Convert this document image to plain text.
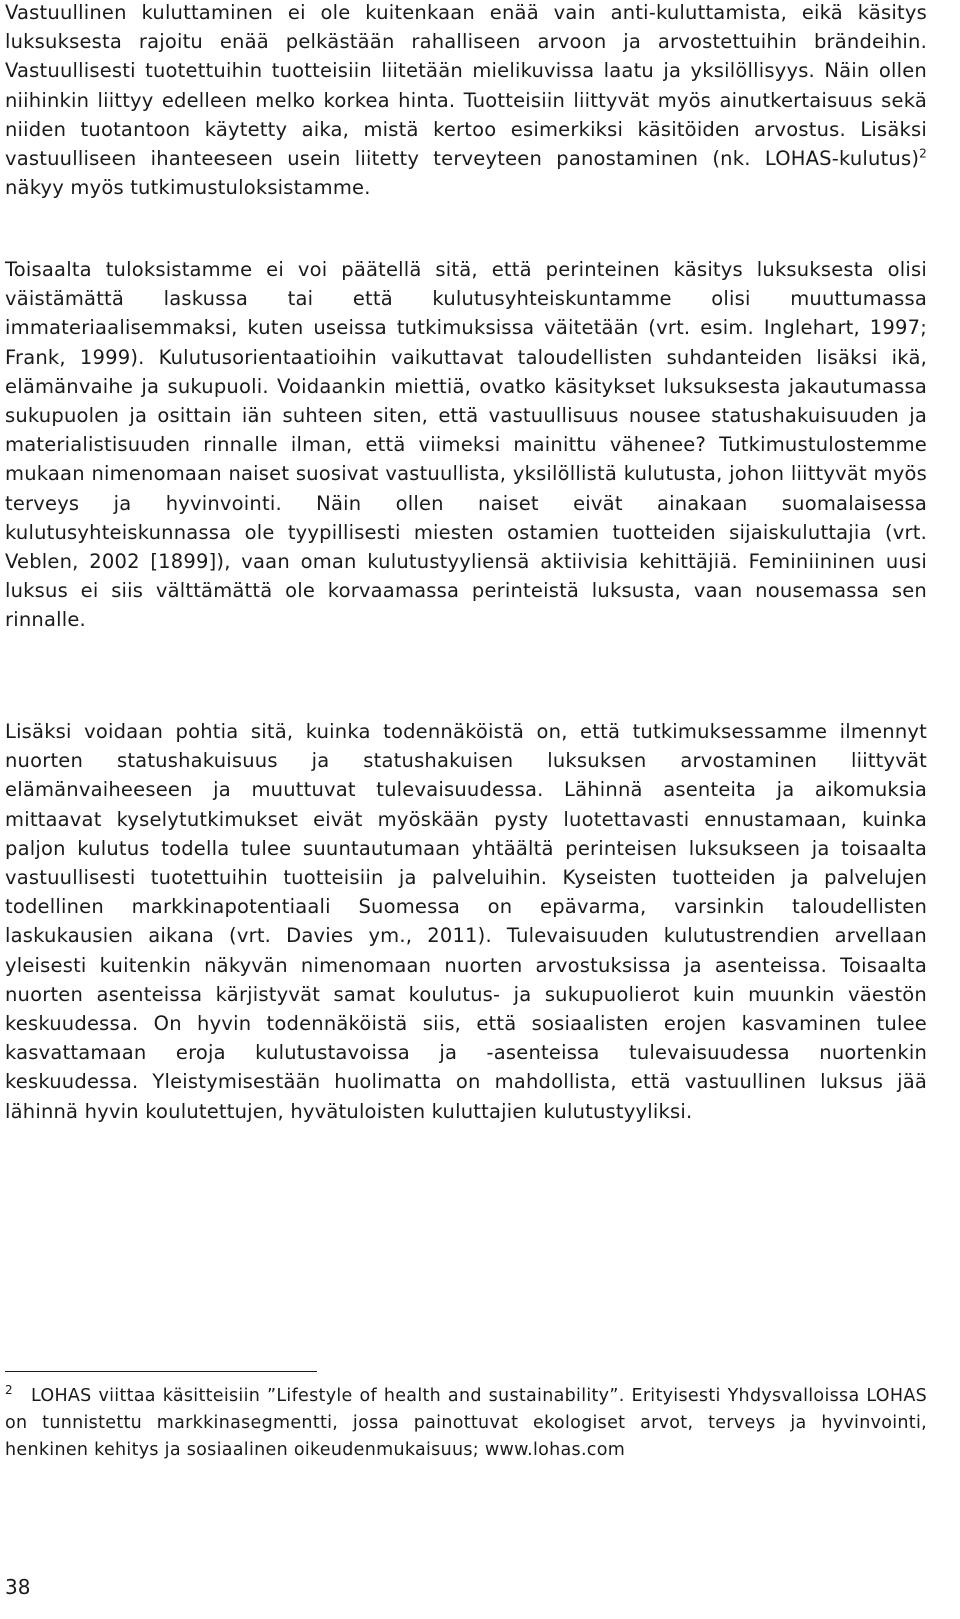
Vastuullinen kuluttaminen ei ole kuitenkaan enää vain anti-kuluttamista, eikä käsitys luksuksesta rajoitu enää pelkästään rahalliseen arvoon ja arvostettuihin brändeihin. Vastuullisesti tuotettuihin tuotteisiin liitetään mielikuvissa laatu ja yksilöllisyys. Näin ollen niihinkin liittyy edelleen melko korkea hinta. Tuotteisiin liittyvät myös ainutkertaisuus sekä niiden tuotantoon käytetty aika, mistä kertoo esimerkiksi käsitöiden arvostus. Lisäksi vastuulliseen ihanteeseen usein liitetty terveyteen panostaminen (nk. LOHAS-kulutus)$^2$ näkyy myös tutkimustuloksistamme.

Toisaalta tuloksistamme ei voi päätellä sitä, että perinteinen käsitys luksuksesta olisi väistämättä laskussa tai että kulutusyhteiskuntamme olisi muuttumassa immateriaalisemmaksi, kuten useissa tutkimuksissa väitetään (vrt. esim. Inglehart, 1997; Frank, 1999). Kulutusorientaatioihin vaikuttavat taloudellisten suhdanteiden lisäksi ikä, elämänvaihe ja sukupuoli. Voidaankin miettiä, ovatko käsitykset luksuksesta jakautumassa sukupuolen ja osittain iän suhteen siten, että vastuullisuus nousee statushakuisuuden ja materialistisuuden rinnalle ilman, että viimeksi mainittu vähenee? Tutkimustulostemme mukaan nimenomaan naiset suosivat vastuullista, yksilöllistä kulutusta, johon liittyvät myös terveys ja hyvinvointi. Näin ollen naiset eivät ainakaan suomalaisessa kulutusyhteiskunnassa ole tyypillisesti miesten ostamien tuotteiden sijaiskuluttajia (vrt. Veblen, 2002 [1899]), vaan oman kulutustyyliensä aktiivisia kehittäjiä. Feminiininen uusi luksus ei siis välttämättä ole korvaamassa perinteistä luksusta, vaan nousemassa sen rinnalle.

Lisäksi voidaan pohtia sitä, kuinka todennäköistä on, että tutkimuksessamme ilmennyt nuorten statushakuisuus ja statushakuisen luksuksen arvostaminen liittyvät elämänvaiheeseen ja muuttuvat tulevaisuudessa. Lähinnä asenteita ja aikomuksia mittaavat kyselytutkimukset eivät myöskään pysty luotettavasti ennustamaan, kuinka paljon kulutus todella tulee suuntautumaan yhtäältä perinteisen luksukseen ja toisaalta vastuullisesti tuotettuihin tuotteisiin ja palveluihin. Kyseisten tuotteiden ja palvelujen todellinen markkinapotentiaali Suomessa on epävarma, varsinkin taloudellisten laskukausien aikana (vrt. Davies ym., 2011). Tulevaisuuden kulutustrendien arvellaan yleisesti kuitenkin näkyvän nimenomaan nuorten arvostuksissa ja asenteissa. Toisaalta nuorten asenteissa kärjistyvät samat koulutus- ja sukupuolierot kuin muunkin väestön keskuudessa. On hyvin todennäköistä siis, että sosiaalisten erojen kasvaminen tulee kasvattamaan eroja kulutustavoissa ja -asenteissa tulevaisuudessa nuortenkin keskuudessa. Yleistymisestään huolimatta on mahdollista, että vastuullinen luksus jää lähinnä hyvin koulutettujen, hyvätuloisten kuluttajien kulutustyyliksi.

$^2$ LOHAS viittaa käsitteisiin ”Lifestyle of health and sustainability”. Erityisesti Yhdysvalloissa LOHAS on tunnistettu markkinasegmentti, jossa painottuvat ekologiset arvot, terveys ja hyvinvointi, henkinen kehitys ja sosiaalinen oikeudenmukaisuus; www.lohas.com

38
